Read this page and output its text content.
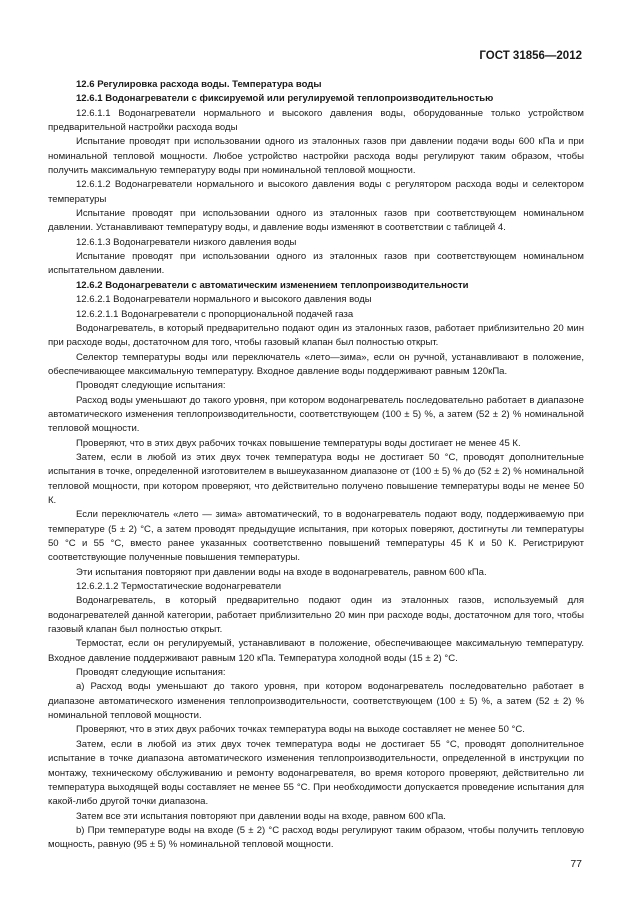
ГОСТ 31856—2012

12.6 Регулировка расхода воды. Температура воды

12.6.1 Водонагреватели с фиксируемой или регулируемой теплопроизводительностью

12.6.1.1 Водонагреватели нормального и высокого давления воды, оборудованные только устройством предварительной настройки расхода воды

Испытание проводят при использовании одного из эталонных газов при давлении подачи воды 600 кПа и при номинальной тепловой мощности. Любое устройство настройки расхода воды регулируют таким образом, чтобы получить максимальную температуру воды при номинальной тепловой мощности.

12.6.1.2 Водонагреватели нормального и высокого давления воды с регулятором расхода воды и селектором температуры

Испытание проводят при использовании одного из эталонных газов при соответствующем номинальном давлении. Устанавливают температуру воды, и давление воды изменяют в соответствии с таблицей 4.

12.6.1.3 Водонагреватели низкого давления воды

Испытание проводят при использовании одного из эталонных газов при соответствующем номинальном испытательном давлении.

12.6.2 Водонагреватели с автоматическим изменением теплопроизводительности

12.6.2.1 Водонагреватели нормального и высокого давления воды

12.6.2.1.1 Водонагреватели с пропорциональной подачей газа

Водонагреватель, в который предварительно подают один из эталонных газов, работает приблизительно 20 мин при расходе воды, достаточном для того, чтобы газовый клапан был полностью открыт.

Селектор температуры воды или переключатель «лето—зима», если он ручной, устанавливают в положение, обеспечивающее максимальную температуру. Входное давление воды поддерживают равным 120кПа.

Проводят следующие испытания:

Расход воды уменьшают до такого уровня, при котором водонагреватель последовательно работает в диапазоне автоматического изменения теплопроизводительности, соответствующем (100 ± 5) %, а затем (52 ± 2) % номинальной тепловой мощности.

Проверяют, что в этих двух рабочих точках повышение температуры воды достигает не менее 45 К.

Затем, если в любой из этих двух точек температура воды не достигает 50 °С, проводят дополнительные испытания в точке, определенной изготовителем в вышеуказанном диапазоне от (100 ± 5) % до (52 ± 2) % номинальной тепловой мощности, при котором проверяют, что действительно получено повышение температуры воды не менее 50 К.

Если переключатель «лето — зима» автоматический, то в водонагреватель подают воду, поддерживаемую при температуре (5 ± 2) °С, а затем проводят предыдущие испытания, при которых поверяют, достигнуты ли температуры 50 °С и 55 °С, вместо ранее указанных соответственно повышений температуры 45 К и 50 К. Регистрируют соответствующие полученные повышения температуры.

Эти испытания повторяют при давлении воды на входе в водонагреватель, равном 600 кПа.

12.6.2.1.2 Термостатические водонагреватели

Водонагреватель, в который предварительно подают один из эталонных газов, используемый для водонагревателей данной категории, работает приблизительно 20 мин при расходе воды, достаточном для того, чтобы газовый клапан был полностью открыт.

Термостат, если он регулируемый, устанавливают в положение, обеспечивающее максимальную температуру. Входное давление поддерживают равным 120 кПа. Температура холодной воды (15 ± 2) °С.

Проводят следующие испытания:

а) Расход воды уменьшают до такого уровня, при котором водонагреватель последовательно работает в диапазоне автоматического изменения теплопроизводительности, соответствующем (100 ± 5) %, а затем (52 ± 2) % номинальной тепловой мощности.

Проверяют, что в этих двух рабочих точках температура воды на выходе составляет не менее 50 °С.

Затем, если в любой из этих двух точек температура воды не достигает 55 °С, проводят дополнительное испытание в точке диапазона автоматического изменения теплопроизводительности, определенной в инструкции по монтажу, техническому обслуживанию и ремонту водонагревателя, во время которого проверяют, действительно ли температура выходящей воды составляет не менее 55 °С. При необходимости допускается проведение испытания для какой-либо другой точки диапазона.

Затем все эти испытания повторяют при давлении воды на входе, равном 600 кПа.

b) При температуре воды на входе (5 ± 2) °С расход воды регулируют таким образом, чтобы получить тепловую мощность, равную (95 ± 5) % номинальной тепловой мощности.

77
